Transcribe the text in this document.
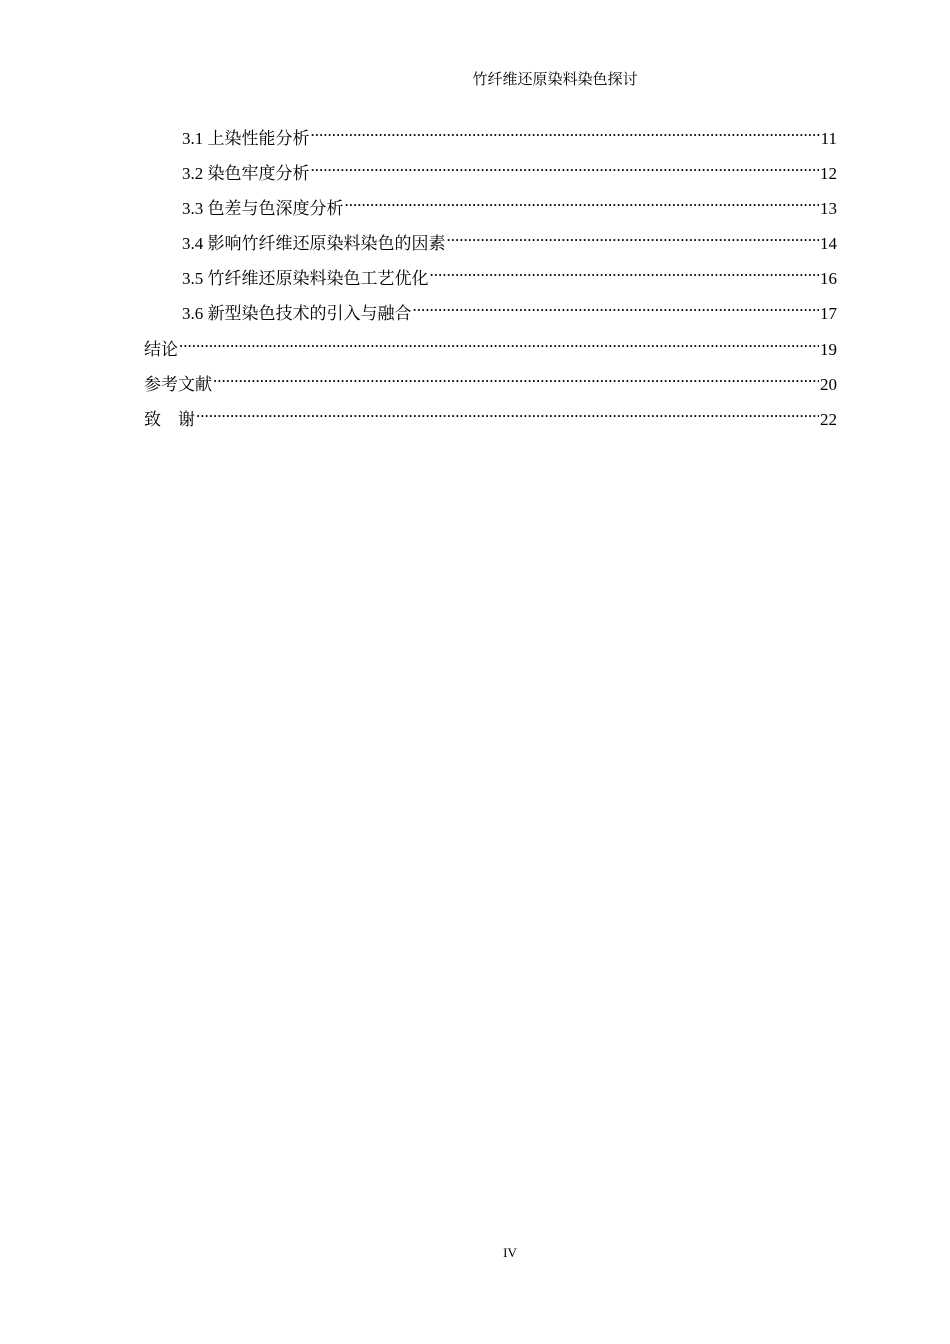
竹纤维还原染料染色探讨
3.1 上染性能分析 .....	11
3.2 染色牢度分析 .....	12
3.3 色差与色深度分析 .....	13
3.4 影响竹纤维还原染料染色的因素 .....	14
3.5 竹纤维还原染料染色工艺优化 .....	16
3.6 新型染色技术的引入与融合 .....	17
结论 .....	19
参考文献 .....	20
致　谢 .....	22
IV
